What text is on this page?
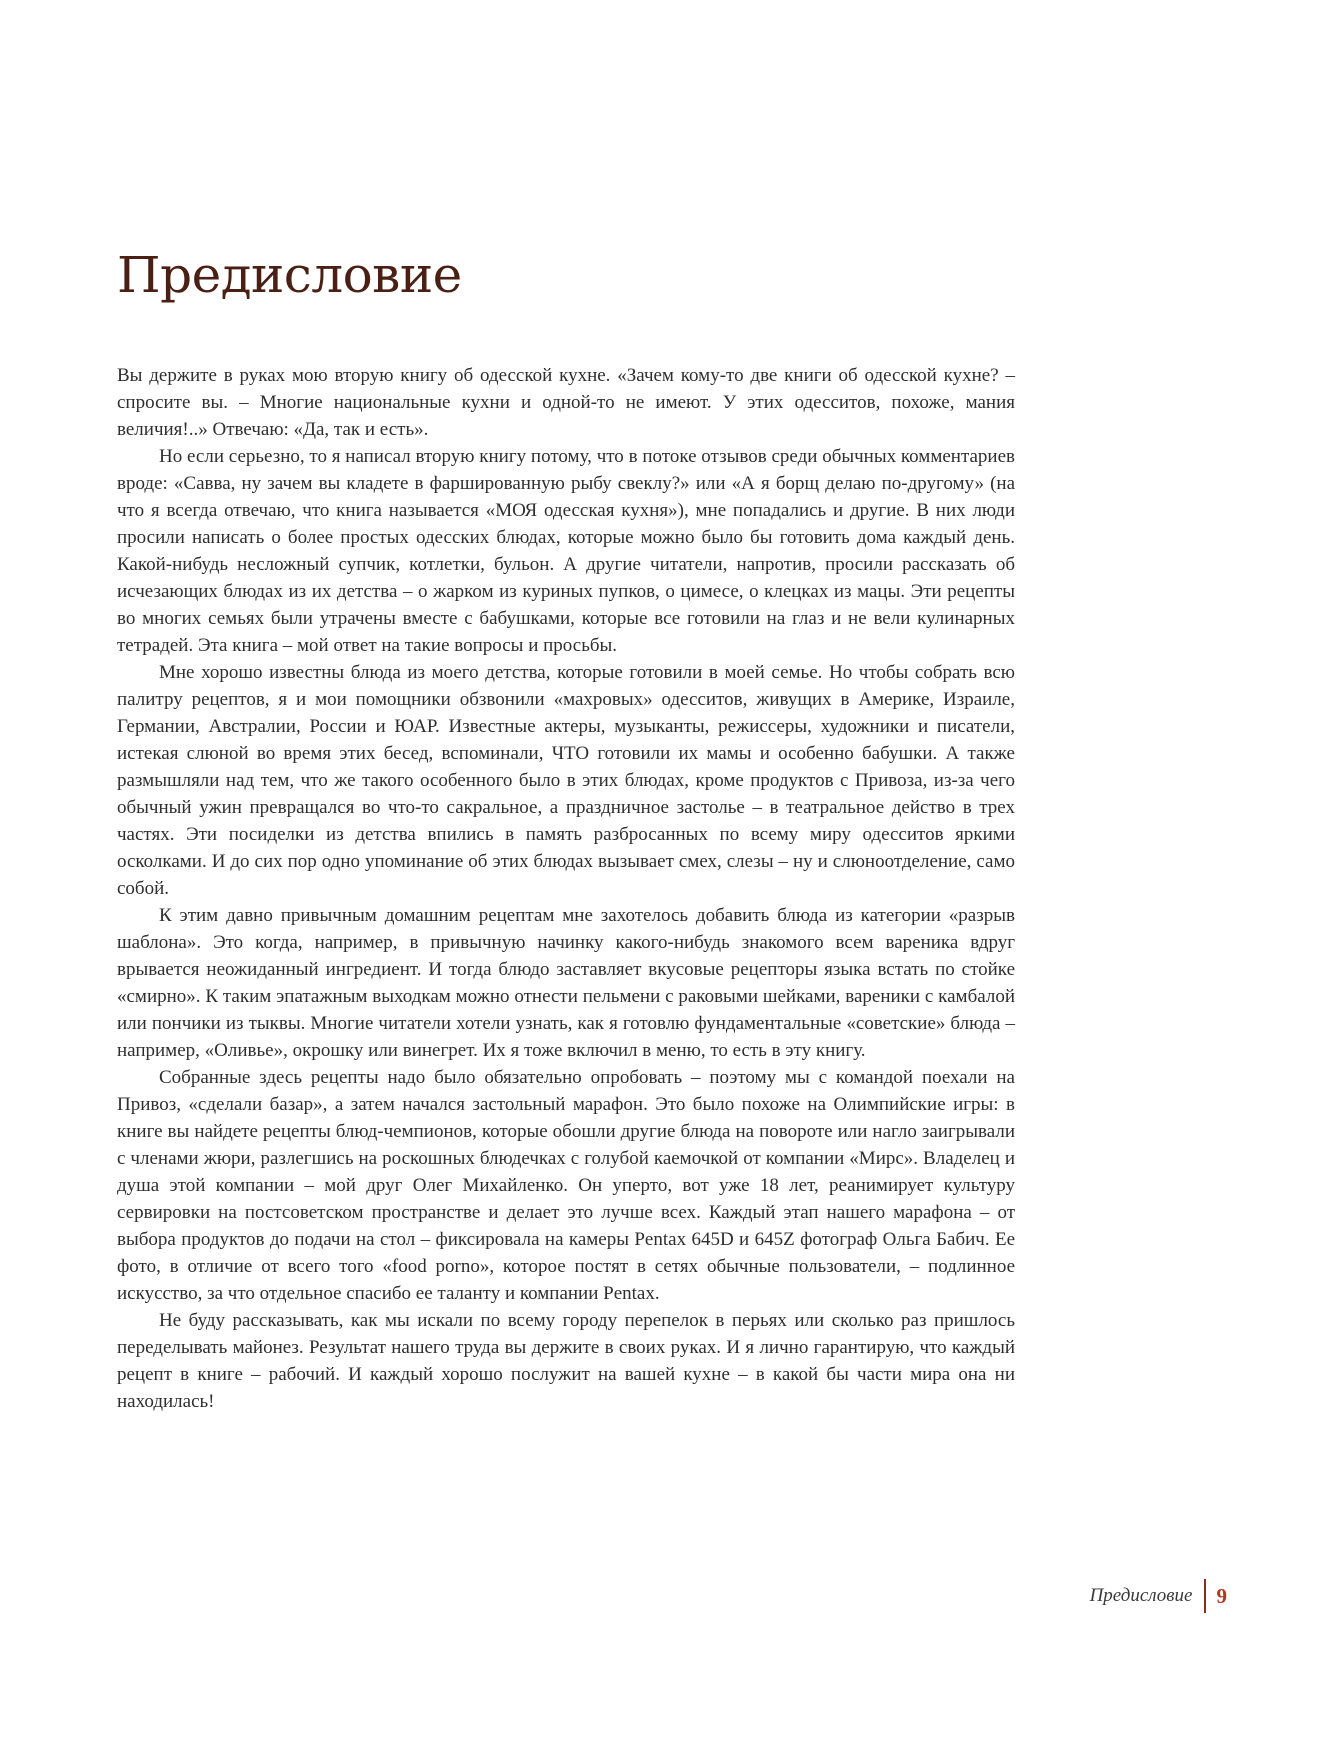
Предисловие

Вы держите в руках мою вторую книгу об одесской кухне. «Зачем кому-то две книги об одесской кухне? – спросите вы. – Многие национальные кухни и одной-то не имеют. У этих одесситов, похоже, мания величия!..» Отвечаю: «Да, так и есть».

Но если серьезно, то я написал вторую книгу потому, что в потоке отзывов среди обычных комментариев вроде: «Савва, ну зачем вы кладете в фаршированную рыбу свеклу?» или «А я борщ делаю по-другому» (на что я всегда отвечаю, что книга называется «МОЯ одесская кухня»), мне попадались и другие. В них люди просили написать о более простых одесских блюдах, которые можно было бы готовить дома каждый день. Какой-нибудь несложный супчик, котлетки, бульон. А другие читатели, напротив, просили рассказать об исчезающих блюдах из их детства – о жарком из куриных пупков, о цимесе, о клецках из мацы. Эти рецепты во многих семьях были утрачены вместе с бабушками, которые все готовили на глаз и не вели кулинарных тетрадей. Эта книга – мой ответ на такие вопросы и просьбы.

Мне хорошо известны блюда из моего детства, которые готовили в моей семье. Но чтобы собрать всю палитру рецептов, я и мои помощники обзвонили «махровых» одесситов, живущих в Америке, Израиле, Германии, Австралии, России и ЮАР. Известные актеры, музыканты, режиссеры, художники и писатели, истекая слюной во время этих бесед, вспоминали, ЧТО готовили их мамы и особенно бабушки. А также размышляли над тем, что же такого особенного было в этих блюдах, кроме продуктов с Привоза, из-за чего обычный ужин превращался во что-то сакральное, а праздничное застолье – в театральное действо в трех частях. Эти посиделки из детства впились в память разбросанных по всему миру одесситов яркими осколками. И до сих пор одно упоминание об этих блюдах вызывает смех, слезы – ну и слюноотделение, само собой.

К этим давно привычным домашним рецептам мне захотелось добавить блюда из категории «разрыв шаблона». Это когда, например, в привычную начинку какого-нибудь знакомого всем вареника вдруг врывается неожиданный ингредиент. И тогда блюдо заставляет вкусовые рецепторы языка встать по стойке «смирно». К таким эпатажным выходкам можно отнести пельмени с раковыми шейками, вареники с камбалой или пончики из тыквы. Многие читатели хотели узнать, как я готовлю фундаментальные «советские» блюда – например, «Оливье», окрошку или винегрет. Их я тоже включил в меню, то есть в эту книгу.

Собранные здесь рецепты надо было обязательно опробовать – поэтому мы с командой поехали на Привоз, «сделали базар», а затем начался застольный марафон. Это было похоже на Олимпийские игры: в книге вы найдете рецепты блюд-чемпионов, которые обошли другие блюда на повороте или нагло заигрывали с членами жюри, разлегшись на роскошных блюдечках с голубой каемочкой от компании «Мирс». Владелец и душа этой компании – мой друг Олег Михайленко. Он уперто, вот уже 18 лет, реанимирует культуру сервировки на постсоветском пространстве и делает это лучше всех. Каждый этап нашего марафона – от выбора продуктов до подачи на стол – фиксировала на камеры Pentax 645D и 645Z фотограф Ольга Бабич. Ее фото, в отличие от всего того «food porno», которое постят в сетях обычные пользователи, – подлинное искусство, за что отдельное спасибо ее таланту и компании Pentax.

Не буду рассказывать, как мы искали по всему городу перепелок в перьях или сколько раз пришлось переделывать майонез. Результат нашего труда вы держите в своих руках. И я лично гарантирую, что каждый рецепт в книге – рабочий. И каждый хорошо послужит на вашей кухне – в какой бы части мира она ни находилась!

Предисловие	9
